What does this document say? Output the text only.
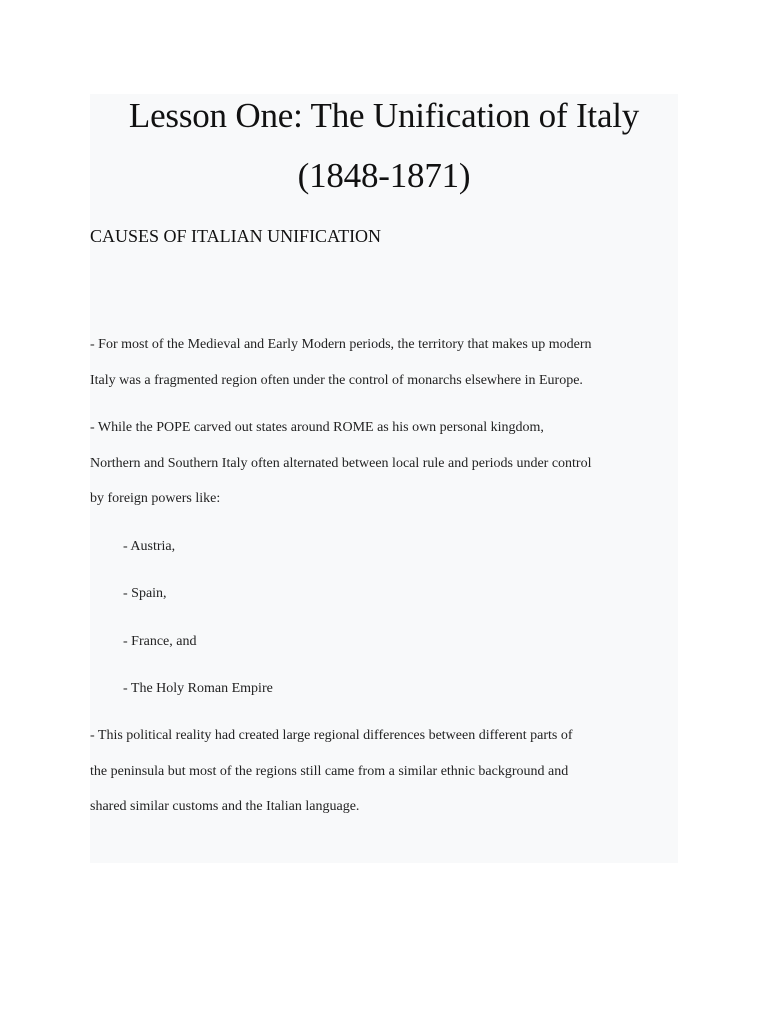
Lesson One: The Unification of Italy
(1848-1871)
CAUSES OF ITALIAN UNIFICATION
- For most of the Medieval and Early Modern periods, the territory that makes up modern
Italy was a fragmented region often under the control of monarchs elsewhere in Europe.
- While the POPE carved out states around ROME as his own personal kingdom,
Northern and Southern Italy often alternated between local rule and periods under control
by foreign powers like:
- Austria,
- Spain,
- France, and
- The Holy Roman Empire
- This political reality had created large regional differences between different parts of
the peninsula but most of the regions still came from a similar ethnic background and
shared similar customs and the Italian language.
